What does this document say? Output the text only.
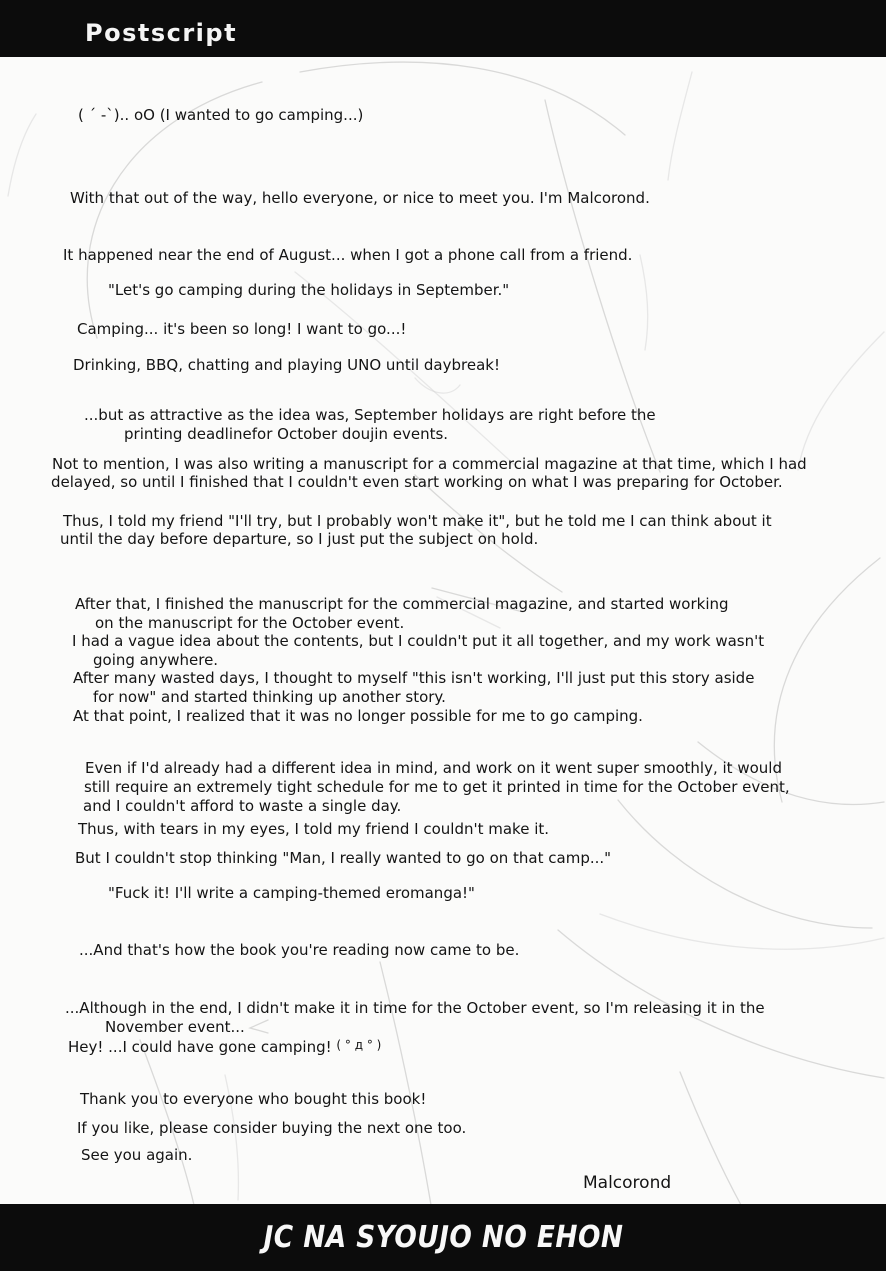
Postscript
( ´ -`).. oO (I wanted to go camping...)
With that out of the way, hello everyone, or nice to meet you. I'm Malcorond.
It happened near the end of August... when I got a phone call from a friend.
"Let's go camping during the holidays in September."
Camping... it's been so long! I want to go...!
Drinking, BBQ, chatting and playing UNO until daybreak!
...but as attractive as the idea was, September holidays are right before the
printing deadlinefor October doujin events.
Not to mention, I was also writing a manuscript for a commercial magazine at that time, which I had
delayed, so until I finished that I couldn't even start working on what I was preparing for October.
Thus, I told my friend "I'll try, but I probably won't make it", but he told me I can think about it
until the day before departure, so I just put the subject on hold.
After that, I finished the manuscript for the commercial magazine, and started working
on the manuscript for the October event.
I had a vague idea about the contents, but I couldn't put it all together, and my work wasn't
going anywhere.
After many wasted days, I thought to myself "this isn't working, I'll just put this story aside
for now" and started thinking up another story.
At that point, I realized that it was no longer possible for me to go camping.
Even if I'd already had a different idea in mind, and work on it went super smoothly, it would
still require an extremely tight schedule for me to get it printed in time for the October event,
and I couldn't afford to waste a single day.
Thus, with tears in my eyes, I told my friend I couldn't make it.
But I couldn't stop thinking "Man, I really wanted to go on that camp..."
"Fuck it! I'll write a camping-themed eromanga!"
...And that's how the book you're reading now came to be.
...Although in the end, I didn't make it in time for the October event, so I'm releasing it in the
November event...
Hey! ...I could have gone camping! $^{( ^\circ д ^\circ )}$
Thank you to everyone who bought this book!
If you like, please consider buying the next one too.
See you again.
Malcorond
JC NA SYOUJO NO EHON
